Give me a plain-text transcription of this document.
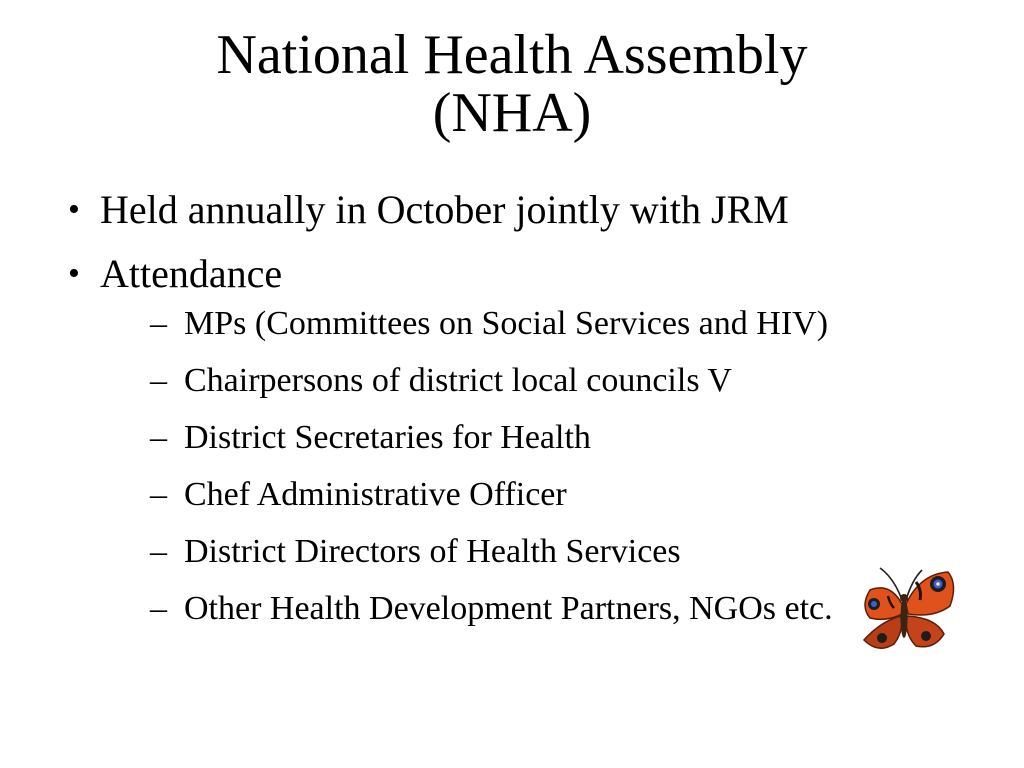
National Health Assembly
(NHA)
• Held annually in October jointly with JRM
• Attendance
– MPs (Committees on Social Services and HIV)
– Chairpersons of district local councils V
– District Secretaries for Health
– Chef Administrative Officer
– District Directors of Health Services
– Other Health Development Partners, NGOs etc.
